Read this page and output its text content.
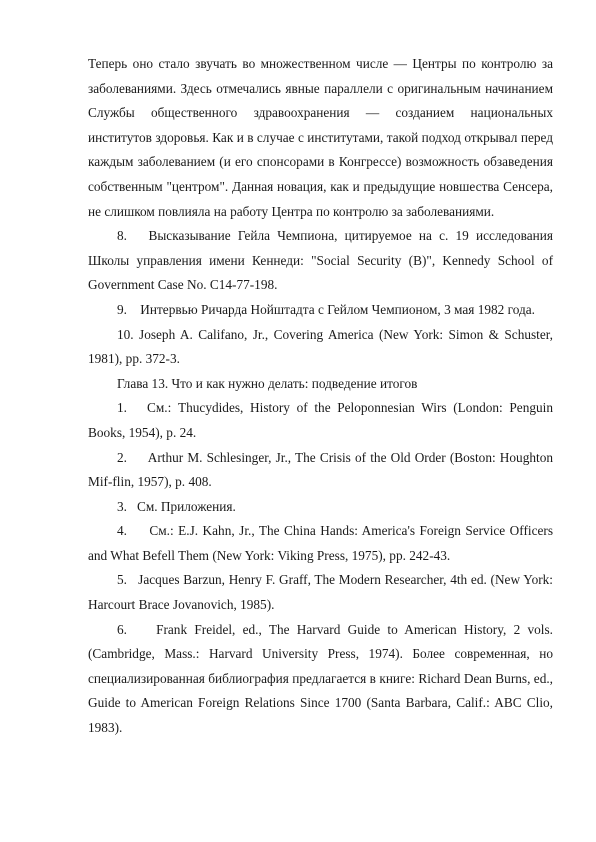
Теперь оно стало звучать во множественном числе — Центры по контролю за заболеваниями. Здесь отмечались явные параллели с оригинальным начинанием Службы общественного здравоохранения — созданием национальных институтов здоровья. Как и в случае с институтами, такой подход открывал перед каждым заболеванием (и его спонсорами в Конгрессе) возможность обзаведения собственным "центром". Данная новация, как и предыдущие новшества Сенсера, не слишком повлияла на работу Центра по контролю за заболеваниями.

8. Высказывание Гейла Чемпиона, цитируемое на с. 19 исследования Школы управления имени Кеннеди: "Social Security (B)", Kennedy School of Government Case No. C14-77-198.

9. Интервью Ричарда Нойштадта с Гейлом Чемпионом, 3 мая 1982 года.

10. Joseph A. Califano, Jr., Covering America (New York: Simon & Schuster, 1981), pp. 372-3.

Глава 13. Что и как нужно делать: подведение итогов

1. См.: Thucydides, History of the Peloponnesian Wirs (London: Penguin Books, 1954), p. 24.

2. Arthur M. Schlesinger, Jr., The Crisis of the Old Order (Boston: Houghton Mif-flin, 1957), p. 408.

3. См. Приложения.

4. См.: E.J. Kahn, Jr., The China Hands: America's Foreign Service Officers and What Befell Them (New York: Viking Press, 1975), pp. 242-43.

5. Jacques Barzun, Henry F. Graff, The Modern Researcher, 4th ed. (New York: Harcourt Brace Jovanovich, 1985).

6. Frank Freidel, ed., The Harvard Guide to American History, 2 vols. (Cambridge, Mass.: Harvard University Press, 1974). Более современная, но специализированная библиография предлагается в книге: Richard Dean Burns, ed., Guide to American Foreign Relations Since 1700 (Santa Barbara, Calif.: ABC Clio, 1983).
